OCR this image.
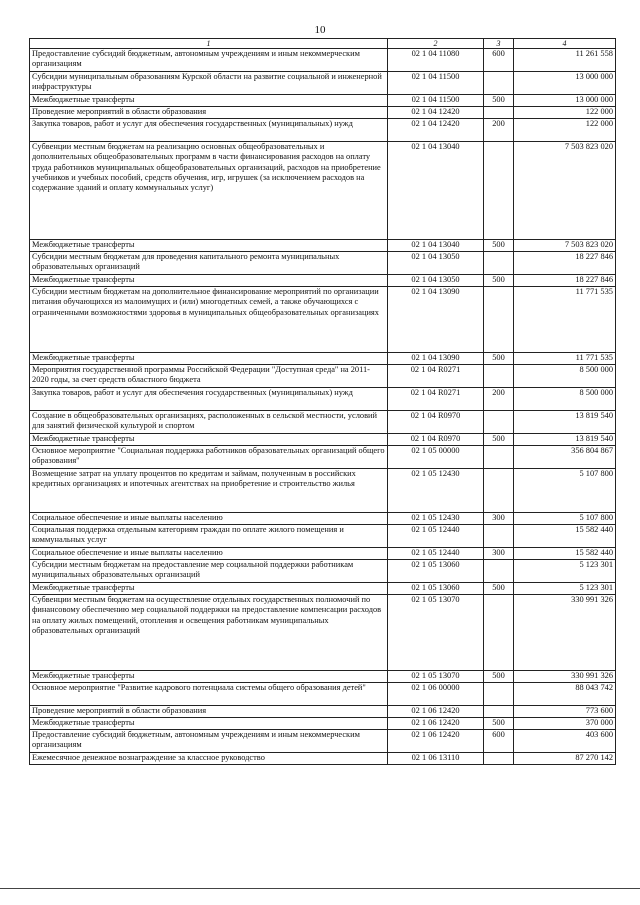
10
1	2	3	4
Предоставление субсидий бюджетным, автономным учреждениям и иным некоммерческим организациям	02 1 04 11080	600	11 261 558
Субсидии муниципальным образованиям Курской области на развитие социальной и инженерной инфраструктуры	02 1 04 11500		13 000 000
Межбюджетные трансферты	02 1 04 11500	500	13 000 000
Проведение мероприятий в области образования	02 1 04 12420		122 000
Закупка товаров, работ и услуг для обеспечения государственных (муниципальных) нужд	02 1 04 12420	200	122 000
Субвенции местным бюджетам на реализацию основных общеобразовательных и дополнительных общеобразовательных программ в части финансирования расходов на оплату труда работников муниципальных общеобразовательных организаций, расходов на приобретение учебников и учебных пособий, средств обучения, игр, игрушек (за исключением расходов на содержание зданий и оплату коммунальных услуг)	02 1 04 13040		7 503 823 020
Межбюджетные трансферты	02 1 04 13040	500	7 503 823 020
Субсидии местным бюджетам для проведения капитального ремонта муниципальных образовательных организаций	02 1 04 13050		18 227 846
Межбюджетные трансферты	02 1 04 13050	500	18 227 846
Субсидии местным бюджетам на дополнительное финансирование мероприятий по организации питания обучающихся из малоимущих и (или) многодетных семей, а также обучающихся с ограниченными возможностями здоровья в муниципальных общеобразовательных организациях	02 1 04 13090		11 771 535
Межбюджетные трансферты	02 1 04 13090	500	11 771 535
Мероприятия государственной программы Российской Федерации "Доступная среда" на 2011-2020 годы, за счет средств областного бюджета	02 1 04 R0271		8 500 000
Закупка товаров, работ и услуг для обеспечения государственных (муниципальных) нужд	02 1 04 R0271	200	8 500 000
Создание в общеобразовательных организациях, расположенных в сельской местности, условий для занятий физической культурой и спортом	02 1 04 R0970		13 819 540
Межбюджетные трансферты	02 1 04 R0970	500	13 819 540
Основное мероприятие "Социальная поддержка работников образовательных организаций общего образования"	02 1 05 00000		356 804 867
Возмещение затрат на уплату процентов по кредитам и займам, полученным в российских кредитных организациях и ипотечных агентствах на приобретение и строительство жилья	02 1 05 12430		5 107 800
Социальное обеспечение и иные выплаты населению	02 1 05 12430	300	5 107 800
Социальная поддержка отдельным категориям граждан по оплате жилого помещения и коммунальных услуг	02 1 05 12440		15 582 440
Социальное обеспечение и иные выплаты населению	02 1 05 12440	300	15 582 440
Субсидии местным бюджетам на предоставление мер социальной поддержки работникам муниципальных образовательных организаций	02 1 05 13060		5 123 301
Межбюджетные трансферты	02 1 05 13060	500	5 123 301
Субвенции местным бюджетам на осуществление отдельных государственных полномочий по финансовому обеспечению мер социальной поддержки на предоставление компенсации расходов на оплату жилых помещений, отопления и освещения работникам муниципальных образовательных организаций	02 1 05 13070		330 991 326
Межбюджетные трансферты	02 1 05 13070	500	330 991 326
Основное мероприятие "Развитие кадрового потенциала системы общего образования детей"	02 1 06 00000		88 043 742
Проведение мероприятий в области образования	02 1 06 12420		773 600
Межбюджетные трансферты	02 1 06 12420	500	370 000
Предоставление субсидий бюджетным, автономным учреждениям и иным некоммерческим организациям	02 1 06 12420	600	403 600
Ежемесячное денежное вознаграждение за классное руководство	02 1 06 13110		87 270 142
